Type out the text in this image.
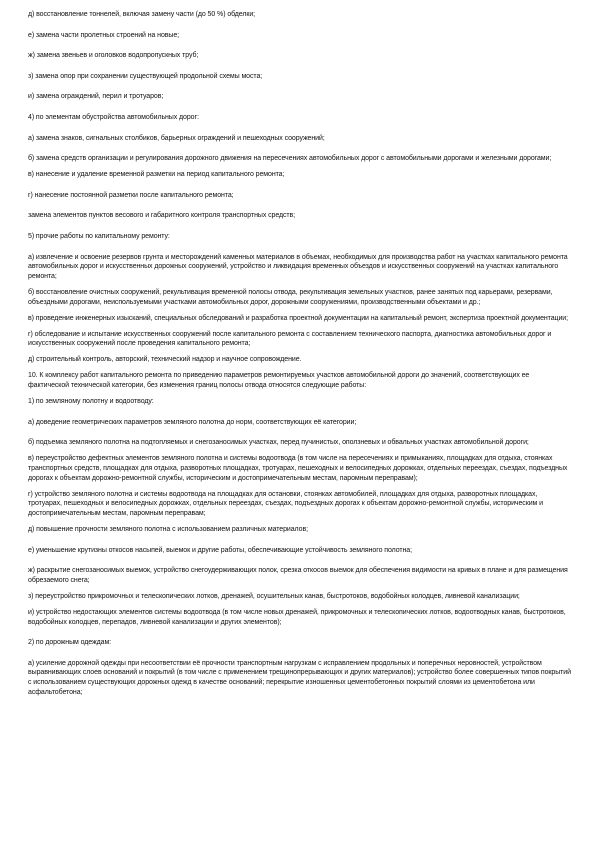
д) восстановление тоннелей, включая замену части (до 50 %) обделки;

е) замена части пролетных строений на новые;

ж) замена звеньев и оголовков водопропускных труб;

з) замена опор при сохранении существующей продольной схемы моста;

и) замена ограждений, перил и тротуаров;

4) по элементам обустройства автомобильных дорог:

а) замена знаков, сигнальных столбиков, барьерных ограждений и пешеходных сооружений;

б) замена средств организации и регулирования дорожного движения на пересечениях автомобильных дорог с автомобильными дорогами и железными дорогами;

в) нанесение и удаление временной разметки на период капитального ремонта;

г) нанесение постоянной разметки после капитального ремонта;

замена элементов пунктов весового и габаритного контроля транспортных средств;

5) прочие работы по капитальному ремонту:

а) извлечение и освоение резервов грунта и месторождений каменных материалов в объемах, необходимых для производства работ на участках капитального ремонта автомобильных дорог и искусственных дорожных сооружений, устройство и ликвидация временных объездов и искусственных сооружений на участках капитального ремонта;

б) восстановление очистных сооружений, рекультивация временной полосы отвода, рекультивация земельных участков, ранее занятых под карьерами, резервами, объездными дорогами, неиспользуемыми участками автомобильных дорог, дорожными сооружениями, производственными объектами и др.;

в) проведение инженерных изысканий, специальных обследований и разработка проектной документации на капитальный ремонт, экспертиза проектной документации;

г) обследование и испытание искусственных сооружений после капитального ремонта с составлением технического паспорта, диагностика автомобильных дорог и искусственных сооружений после проведения капитального ремонта;

д) строительный контроль, авторский, технический надзор и научное сопровождение.

10. К комплексу работ капитального ремонта по приведению параметров ремонтируемых участков автомобильной дороги до значений, соответствующих ее фактической технической категории, без изменения границ полосы отвода относятся следующие работы:

1) по земляному полотну и водоотводу:

а) доведение геометрических параметров земляного полотна до норм, соответствующих её категории;

б) подъемка земляного полотна на подтопляемых и снегозаносимых участках, перед пучинистых, оползневых и обвальных участках автомобильной дороги;

в) переустройство дефектных элементов земляного полотна и системы водоотвода (в том числе на пересечениях и примыканиях, площадках для отдыха, стоянках транспортных средств, площадках для отдыха, разворотных площадках, тротуарах, пешеходных и велосипедных дорожках, отдельных переездах, съездах, подъездных дорогах к объектам дорожно-ремонтной службы, историческим и достопримечательным местам, паромным переправам);

г) устройство земляного полотна и системы водоотвода на площадках для остановки, стоянках автомобилей, площадках для отдыха, разворотных площадках, тротуарах, пешеходных и велосипедных дорожках, отдельных переездах, съездах, подъездных дорогах к объектам дорожно-ремонтной службы, историческим и достопримечательным местам, паромным переправам;

д) повышение прочности земляного полотна с использованием различных материалов;

е) уменьшение крутизны откосов насыпей, выемок и другие работы, обеспечивающие устойчивость земляного полотна;

ж) раскрытие снегозаносимых выемок, устройство снегоудерживающих полок, срезка откосов выемок для обеспечения видимости на кривых в плане и для размещения обрезаемого снега;

з) переустройство прикромочных и телескопических лотков, дренажей, осушительных канав, быстротоков, водобойных колодцев, ливневой канализации;

и) устройство недостающих элементов системы водоотвода (в том числе новых дренажей, прикромочных и телескопических лотков, водоотводных канав, быстротоков, водобойных колодцев, перепадов, ливневой канализации и других элементов);

2) по дорожным одеждам:

а) усиление дорожной одежды при несоответствии её прочности транспортным нагрузкам с исправлением продольных и поперечных неровностей, устройством выравнивающих слоев оснований и покрытий (в том числе с применением трещинопрерывающих и других материалов); устройство более совершенных типов покрытий с использованием существующих дорожных одежд в качестве оснований; перекрытие изношенных цементобетонных покрытий слоями из цементобетона или асфальтобетона;
